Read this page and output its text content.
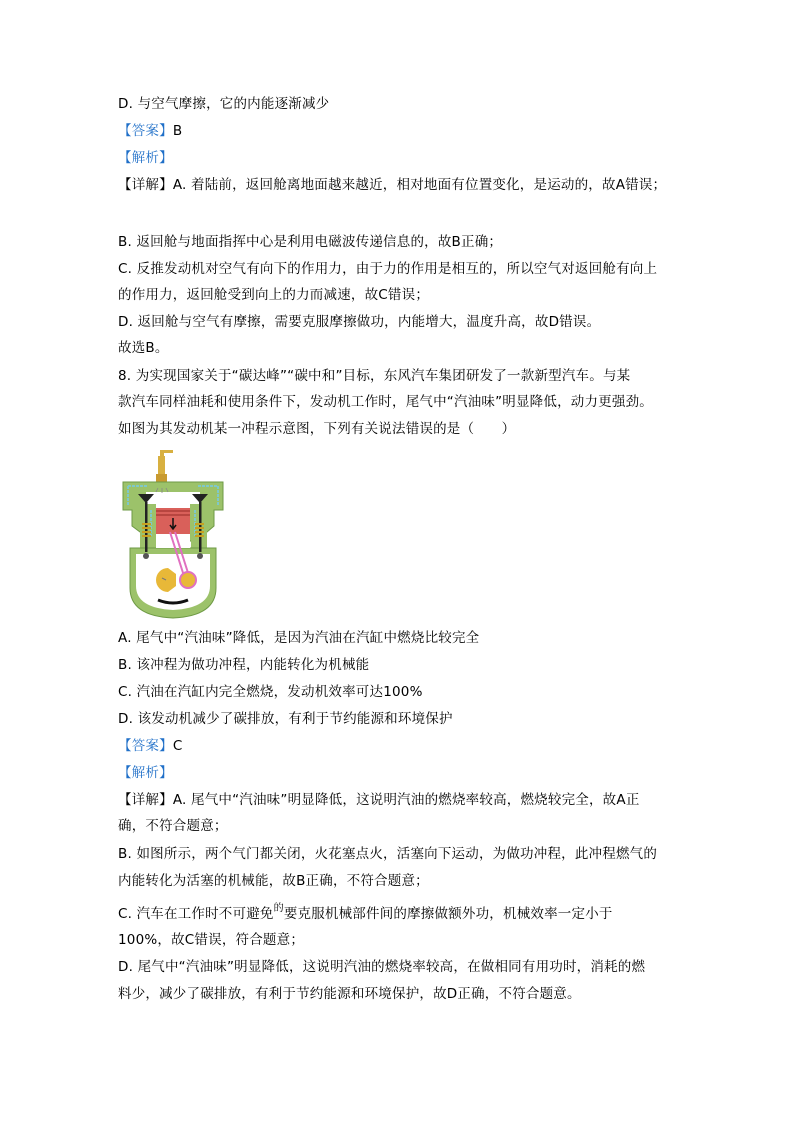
D. 与空气摩擦，它的内能逐渐减少
【答案】B
【解析】
【详解】A. 着陆前，返回舱离地面越来越近，相对地面有位置变化，是运动的，故A错误；
B. 返回舱与地面指挥中心是利用电磁波传递信息的，故B正确；
C. 反推发动机对空气有向下的作用力，由于力的作用是相互的，所以空气对返回舱有向上
的作用力，返回舱受到向上的力而减速，故C错误；
D. 返回舱与空气有摩擦，需要克服摩擦做功，内能增大，温度升高，故D错误。
故选B。
8. 为实现国家关于“碳达峰”“碳中和”目标，东风汽车集团研发了一款新型汽车。与某
款汽车同样油耗和使用条件下，发动机工作时，尾气中“汽油味”明显降低，动力更强劲。
如图为其发动机某一冲程示意图，下列有关说法错误的是（　　）
A. 尾气中“汽油味”降低，是因为汽油在汽缸中燃烧比较完全
B. 该冲程为做功冲程，内能转化为机械能
C. 汽油在汽缸内完全燃烧，发动机效率可达100%
D. 该发动机减少了碳排放，有利于节约能源和环境保护
【答案】C
【解析】
【详解】A. 尾气中“汽油味”明显降低，这说明汽油的燃烧率较高，燃烧较完全，故A正
确，不符合题意；
B. 如图所示，两个气门都关闭，火花塞点火，活塞向下运动，为做功冲程，此冲程燃气的
内能转化为活塞的机械能，故B正确，不符合题意；
C. 汽车在工作时不可避免$^的$要克服机械部件间的摩擦做额外功，机械效率一定小于
100%，故C错误，符合题意；
D. 尾气中“汽油味”明显降低，这说明汽油的燃烧率较高，在做相同有用功时，消耗的燃
料少，减少了碳排放，有利于节约能源和环境保护，故D正确，不符合题意。
